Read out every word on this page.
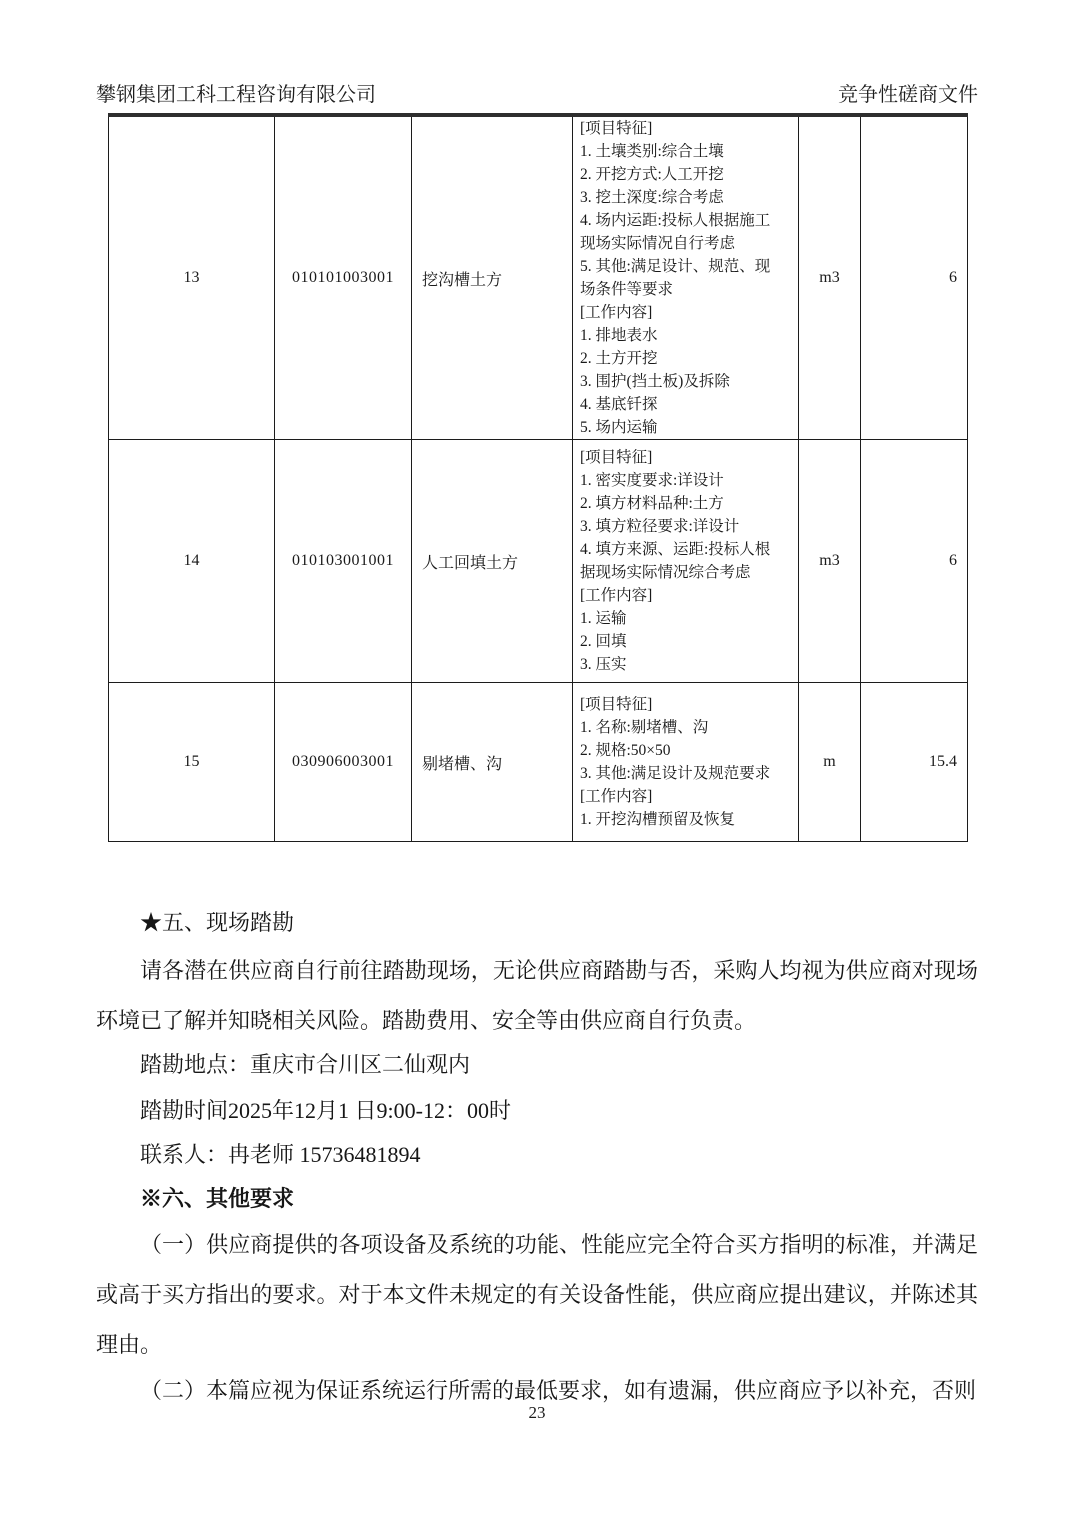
攀钢集团工科工程咨询有限公司	竞争性磋商文件
13	010101003001	挖沟槽土方	
[项目特征]
1. 土壤类别:综合土壤
2. 开挖方式:人工开挖
3. 挖土深度:综合考虑
4. 场内运距:投标人根据施工
现场实际情况自行考虑
5. 其他:满足设计、规范、现
场条件等要求
[工作内容]
1. 排地表水
2. 土方开挖
3. 围护(挡土板)及拆除
4. 基底钎探
5. 场内运输
	m3	6
14	010103001001	人工回填土方	
[项目特征]
1. 密实度要求:详设计
2. 填方材料品种:土方
3. 填方粒径要求:详设计
4. 填方来源、运距:投标人根
据现场实际情况综合考虑
[工作内容]
1. 运输
2. 回填
3. 压实
	m3	6
15	030906003001	剔堵槽、沟	
[项目特征]
1. 名称:剔堵槽、沟
2. 规格:50×50
3. 其他:满足设计及规范要求
[工作内容]
1. 开挖沟槽预留及恢复
	m	15.4
★五、现场踏勘
请各潜在供应商自行前往踏勘现场，无论供应商踏勘与否，采购人均视为供应商对现场环境已了解并知晓相关风险。踏勘费用、安全等由供应商自行负责。
踏勘地点：重庆市合川区二仙观内
踏勘时间2025年12月1 日9:00-12：00时
联系人：冉老师 15736481894
※六、其他要求
（一）供应商提供的各项设备及系统的功能、性能应完全符合买方指明的标准，并满足或高于买方指出的要求。对于本文件未规定的有关设备性能，供应商应提出建议，并陈述其理由。
（二）本篇应视为保证系统运行所需的最低要求，如有遗漏，供应商应予以补充，否则
23
